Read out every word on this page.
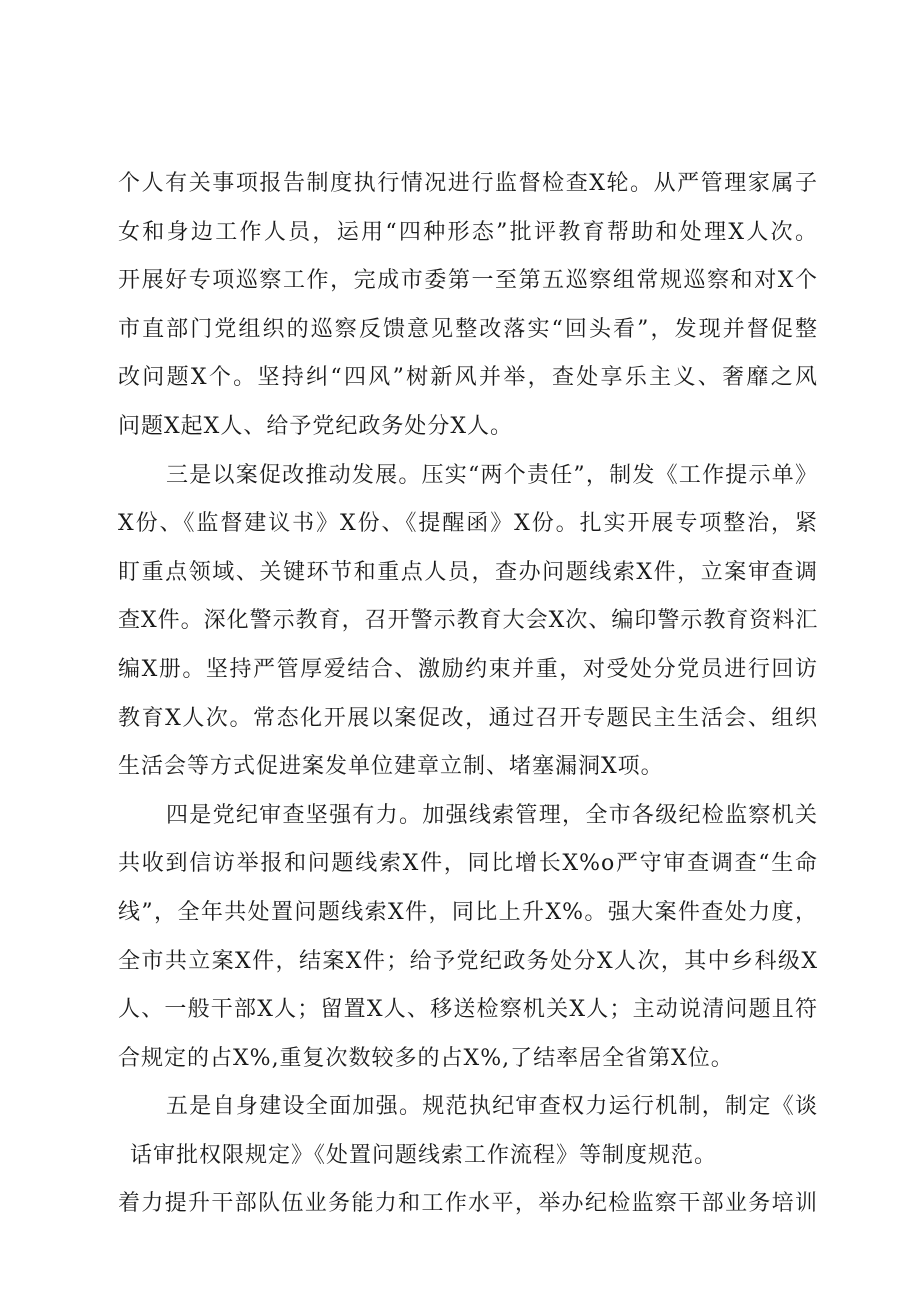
个人有关事项报告制度执行情况进行监督检查X轮。从严管理家属子
女和身边工作人员，运用“四种形态”批评教育帮助和处理X人次。
开展好专项巡察工作，完成市委第一至第五巡察组常规巡察和对X个
市直部门党组织的巡察反馈意见整改落实“回头看”，发现并督促整
改问题X个。坚持纠“四风”树新风并举，查处享乐主义、奢靡之风
问题X起X人、给予党纪政务处分X人。
三是以案促改推动发展。压实“两个责任”，制发《工作提示单》
X份、《监督建议书》X份、《提醒函》X份。扎实开展专项整治，紧
盯重点领域、关键环节和重点人员，查办问题线索X件，立案审查调
查X件。深化警示教育，召开警示教育大会X次、编印警示教育资料汇
编X册。坚持严管厚爱结合、激励约束并重，对受处分党员进行回访
教育X人次。常态化开展以案促改，通过召开专题民主生活会、组织
生活会等方式促进案发单位建章立制、堵塞漏洞X项。
四是党纪审查坚强有力。加强线索管理，全市各级纪检监察机关
共收到信访举报和问题线索X件，同比增长X%o严守审查调查“生命
线”，全年共处置问题线索X件，同比上升X%。强大案件查处力度，
全市共立案X件，结案X件；给予党纪政务处分X人次，其中乡科级X
人、一般干部X人；留置X人、移送检察机关X人；主动说清问题且符
合规定的占X%,重复次数较多的占X%,了结率居全省第X位。
五是自身建设全面加强。规范执纪审查权力运行机制，制定《谈
话审批权限规定》《处置问题线索工作流程》等制度规范。
着力提升干部队伍业务能力和工作水平，举办纪检监察干部业务培训
